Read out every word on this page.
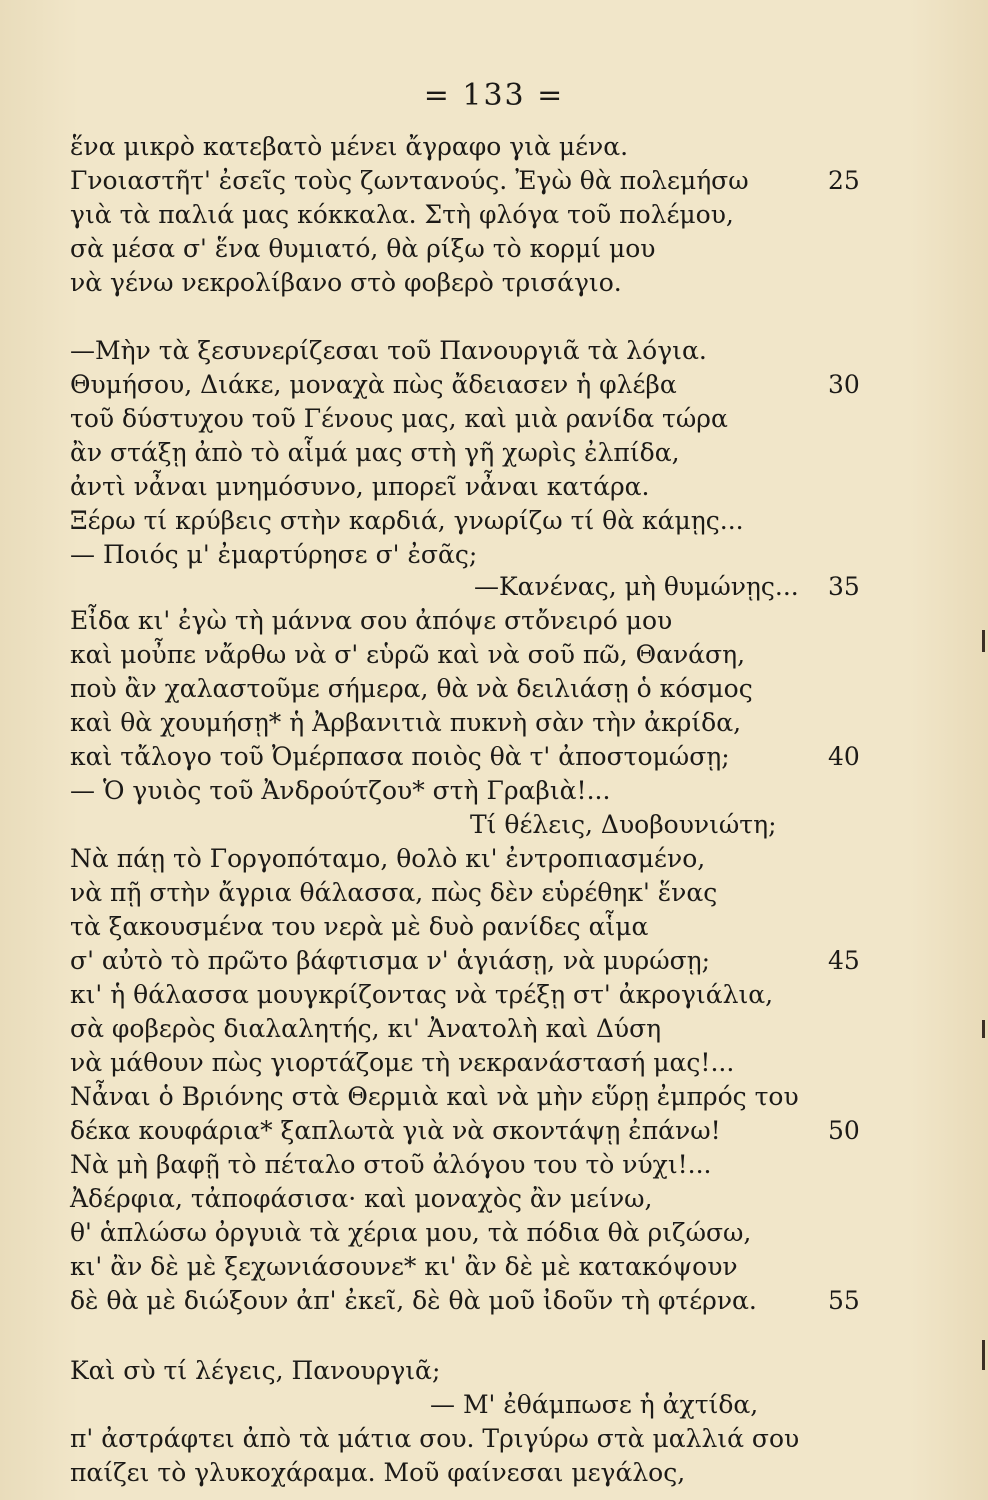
= 133 =
ἕνα μικρὸ κατεβατὸ μένει ἄγραφο γιὰ μένα.
Γνοιαστῆτ' ἐσεῖς τοὺς ζωντανούς. Ἐγὼ θὰ πολεμήσω
γιὰ τὰ παλιά μας κόκκαλα. Στὴ φλόγα τοῦ πολέμου,
σὰ μέσα σ' ἕνα θυμιατό, θὰ ρίξω τὸ κορμί μου
νὰ γένω νεκρολίβανο στὸ φοβερὸ τρισάγιο.
—Μὴν τὰ ξεσυνερίζεσαι τοῦ Πανουργιᾶ τὰ λόγια.
Θυμήσου, Διάκε, μοναχὰ πὼς ἄδειασεν ἡ φλέβα
τοῦ δύστυχου τοῦ Γένους μας, καὶ μιὰ ρανίδα τώρα
ἂν στάξῃ ἀπὸ τὸ αἷμά μας στὴ γῆ χωρὶς ἐλπίδα,
ἀντὶ νἆναι μνημόσυνο, μπορεῖ νἆναι κατάρα.
Ξέρω τί κρύβεις στὴν καρδιά, γνωρίζω τί θὰ κάμῃς...
— Ποιός μ' ἐμαρτύρησε σ' ἐσᾶς;
—Κανένας, μὴ θυμώνῃς...
Εἶδα κι' ἐγὼ τὴ μάννα σου ἀπόψε στὄνειρό μου
καὶ μοὖπε νἄρθω νὰ σ' εὑρῶ καὶ νὰ σοῦ πῶ, Θανάση,
ποὺ ἂν χαλαστοῦμε σήμερα, θὰ νὰ δειλιάσῃ ὁ κόσμος
καὶ θὰ χουμήσῃ* ἡ Ἀρβανιτιὰ πυκνὴ σὰν τὴν ἀκρίδα,
καὶ τἄλογο τοῦ Ὀμέρπασα ποιὸς θὰ τ' ἀποστομώσῃ;
— Ὁ γυιὸς τοῦ Ἀνδρούτζου* στὴ Γραβιὰ!...
Τί θέλεις, Δυοβουνιώτη;
Νὰ πάῃ τὸ Γοργοπόταμο, θολὸ κι' ἐντροπιασμένο,
νὰ πῇ στὴν ἄγρια θάλασσα, πὼς δὲν εὑρέθηκ' ἕνας
τὰ ξακουσμένα του νερὰ μὲ δυὸ ρανίδες αἷμα
σ' αὐτὸ τὸ πρῶτο βάφτισμα ν' ἁγιάσῃ, νὰ μυρώσῃ;
κι' ἡ θάλασσα μουγκρίζοντας νὰ τρέξῃ στ' ἀκρογιάλια,
σὰ φοβερὸς διαλαλητής, κι' Ἀνατολὴ καὶ Δύση
νὰ μάθουν πὼς γιορτάζομε τὴ νεκρανάστασή μας!...
Νἆναι ὁ Βριόνης στὰ Θερμιὰ καὶ νὰ μὴν εὕρῃ ἐμπρός του
δέκα κουφάρια* ξαπλωτὰ γιὰ νὰ σκοντάψῃ ἐπάνω!
Νὰ μὴ βαφῇ τὸ πέταλο στοῦ ἀλόγου του τὸ νύχι!...
Ἀδέρφια, τἀποφάσισα· καὶ μοναχὸς ἂν μείνω,
θ' ἁπλώσω ὀργυιὰ τὰ χέρια μου, τὰ πόδια θὰ ριζώσω,
κι' ἂν δὲ μὲ ξεχωνιάσουνε* κι' ἂν δὲ μὲ κατακόψουν
δὲ θὰ μὲ διώξουν ἀπ' ἐκεῖ, δὲ θὰ μοῦ ἰδοῦν τὴ φτέρνα.
Καὶ σὺ τί λέγεις, Πανουργιᾶ;
— Μ' ἐθάμπωσε ἡ ἀχτίδα,
π' ἀστράφτει ἀπὸ τὰ μάτια σου. Τριγύρω στὰ μαλλιά σου
παίζει τὸ γλυκοχάραμα. Μοῦ φαίνεσαι μεγάλος,
25
30
35
40
45
50
55
